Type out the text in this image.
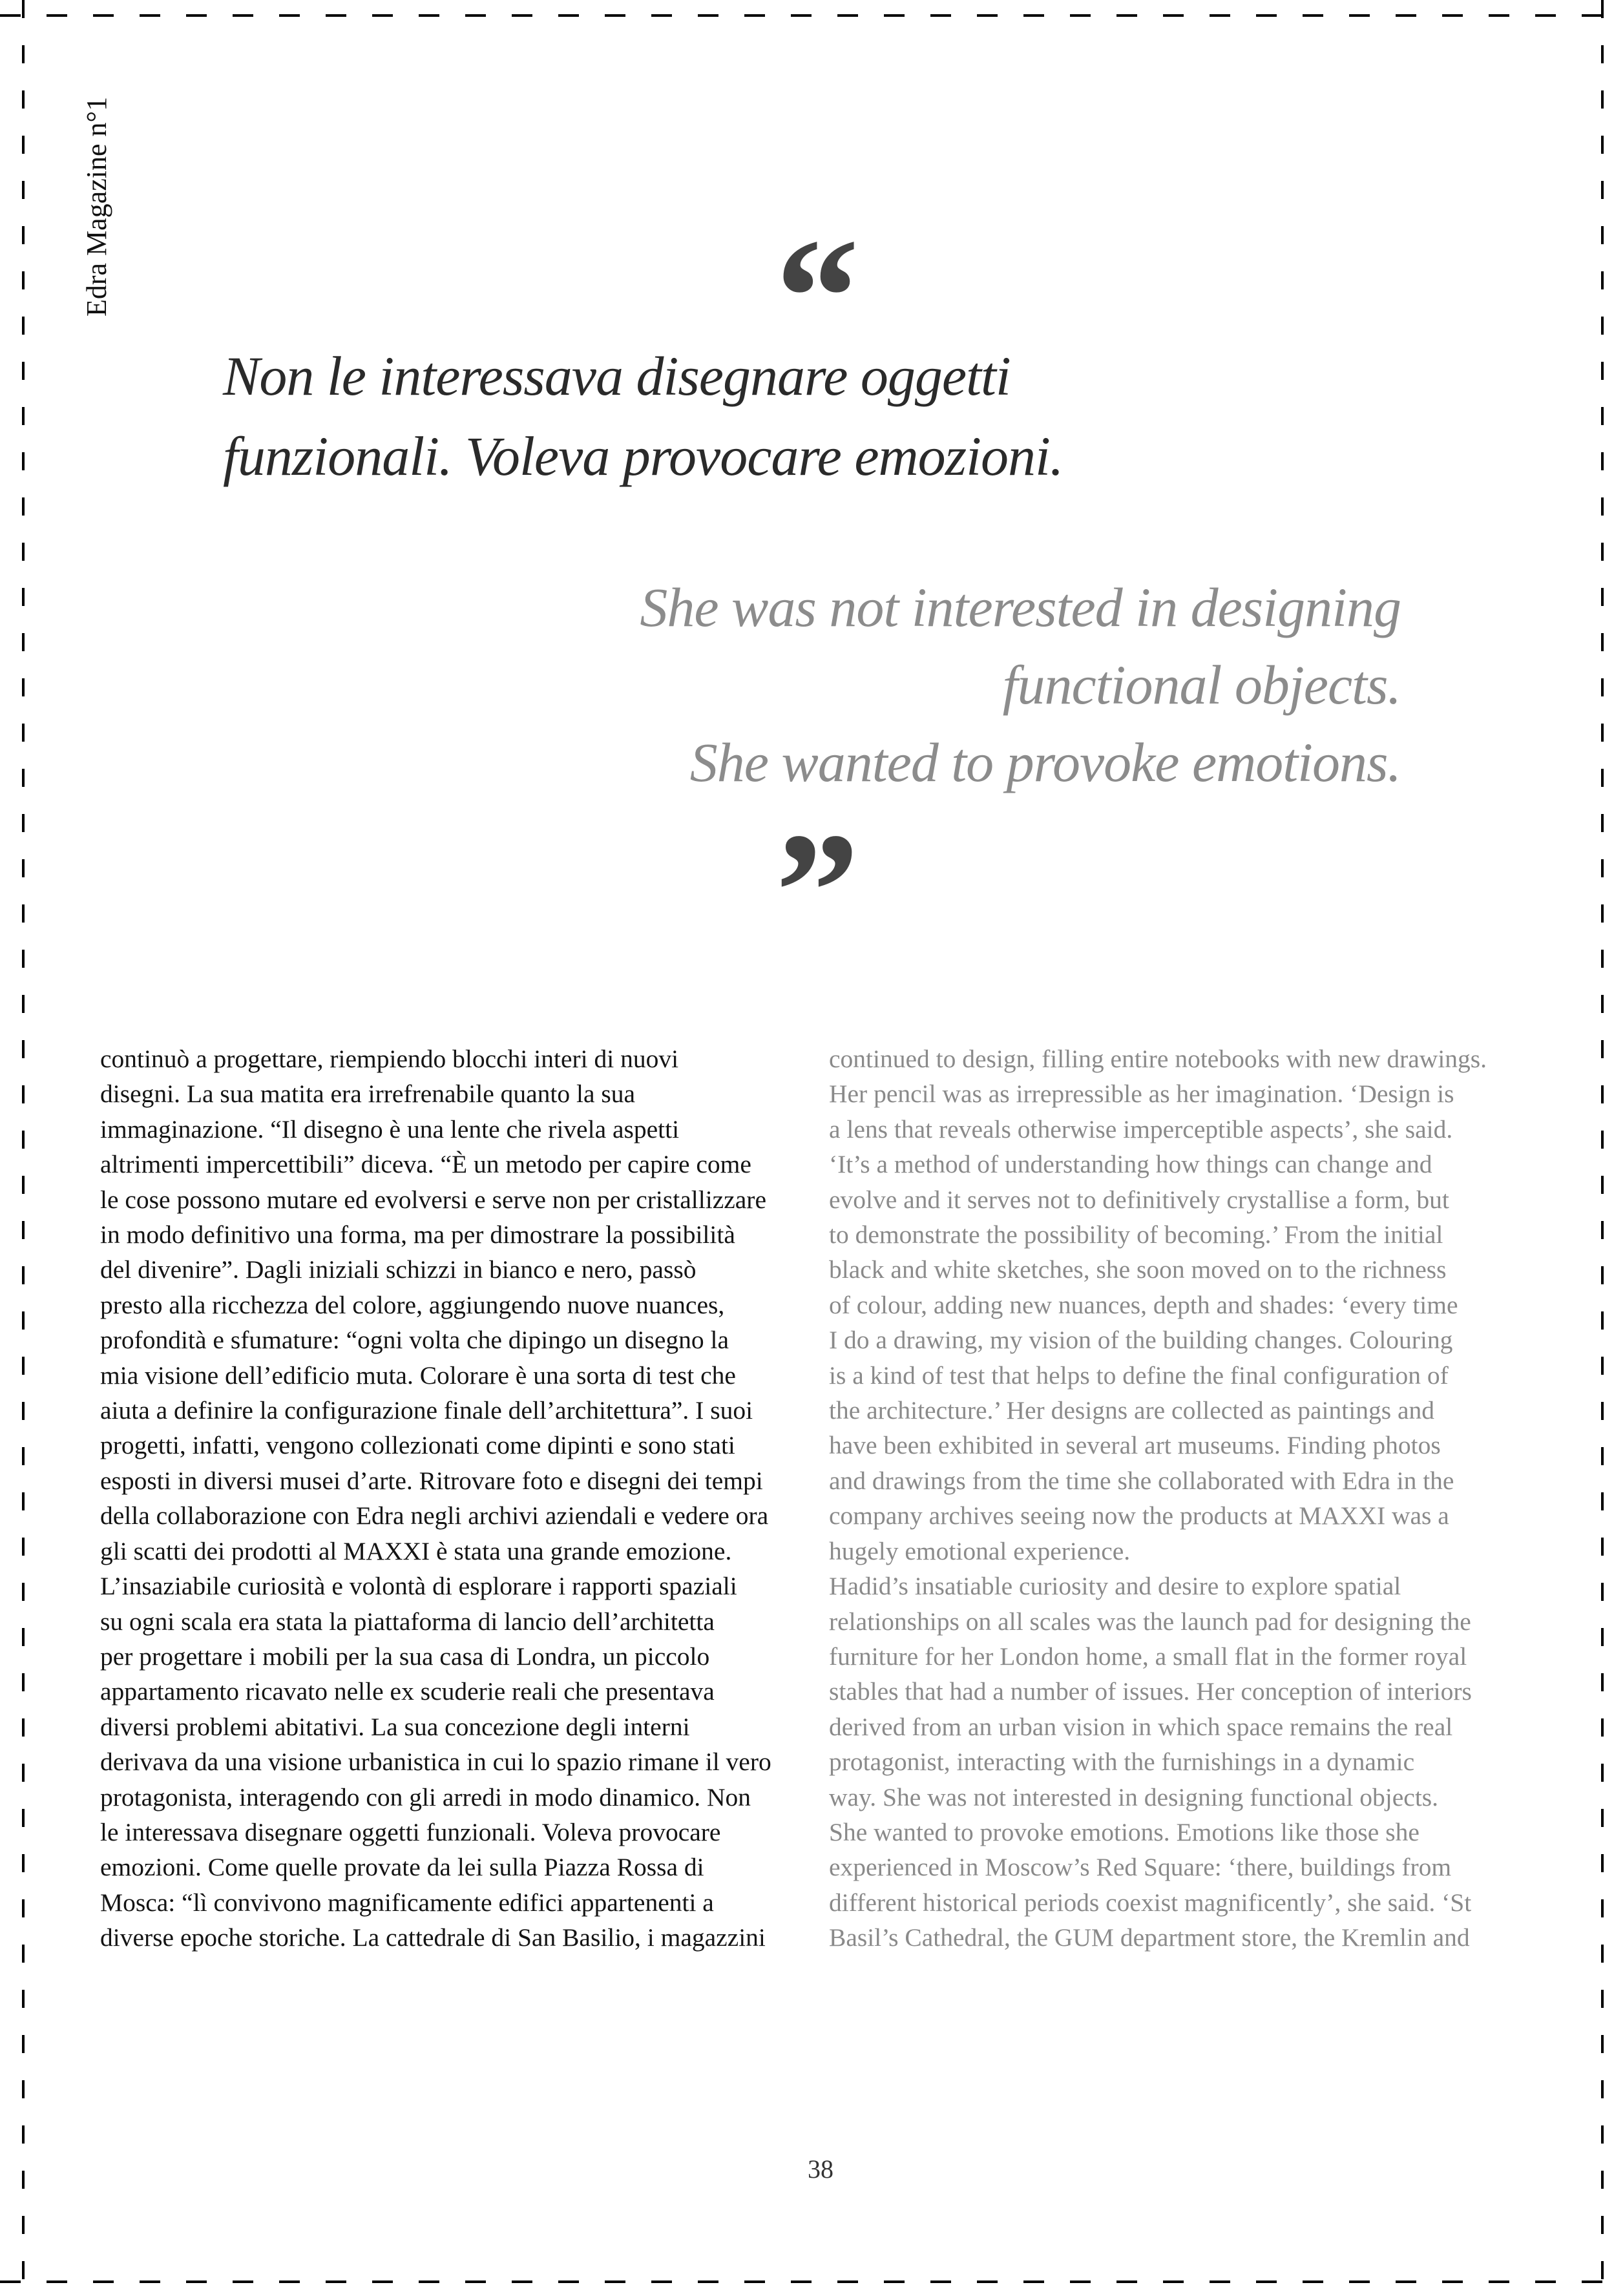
Edra Magazine n°1	“
Non le interessava disegnare oggetti
funzionali. Voleva provocare emozioni.
She was not interested in designing
functional objects.
She wanted to provoke emotions.
”
continuò a progettare, riempiendo blocchi interi di nuovi
disegni. La sua matita era irrefrenabile quanto la sua
immaginazione. “Il disegno è una lente che rivela aspetti
altrimenti impercettibili” diceva. “È un metodo per capire come
le cose possono mutare ed evolversi e serve non per cristallizzare
in modo definitivo una forma, ma per dimostrare la possibilità
del divenire”. Dagli iniziali schizzi in bianco e nero, passò
presto alla ricchezza del colore, aggiungendo nuove nuances,
profondità e sfumature: “ogni volta che dipingo un disegno la
mia visione dell’edificio muta. Colorare è una sorta di test che
aiuta a definire la configurazione finale dell’architettura”. I suoi
progetti, infatti, vengono collezionati come dipinti e sono stati
esposti in diversi musei d’arte. Ritrovare foto e disegni dei tempi
della collaborazione con Edra negli archivi aziendali e vedere ora
gli scatti dei prodotti al MAXXI è stata una grande emozione.
L’insaziabile curiosità e volontà di esplorare i rapporti spaziali
su ogni scala era stata la piattaforma di lancio dell’architetta
per progettare i mobili per la sua casa di Londra, un piccolo
appartamento ricavato nelle ex scuderie reali che presentava
diversi problemi abitativi. La sua concezione degli interni
derivava da una visione urbanistica in cui lo spazio rimane il vero
protagonista, interagendo con gli arredi in modo dinamico. Non
le interessava disegnare oggetti funzionali. Voleva provocare
emozioni. Come quelle provate da lei sulla Piazza Rossa di
Mosca: “lì convivono magnificamente edifici appartenenti a
diverse epoche storiche. La cattedrale di San Basilio, i magazzini
continued to design, filling entire notebooks with new drawings.
Her pencil was as irrepressible as her imagination. ‘Design is
a lens that reveals otherwise imperceptible aspects’, she said.
‘It’s a method of understanding how things can change and
evolve and it serves not to definitively crystallise a form, but
to demonstrate the possibility of becoming.’ From the initial
black and white sketches, she soon moved on to the richness
of colour, adding new nuances, depth and shades: ‘every time
I do a drawing, my vision of the building changes. Colouring
is a kind of test that helps to define the final configuration of
the architecture.’ Her designs are collected as paintings and
have been exhibited in several art museums. Finding photos
and drawings from the time she collaborated with Edra in the
company archives seeing now the products at MAXXI was a
hugely emotional experience.
Hadid’s insatiable curiosity and desire to explore spatial
relationships on all scales was the launch pad for designing the
furniture for her London home, a small flat in the former royal
stables that had a number of issues. Her conception of interiors
derived from an urban vision in which space remains the real
protagonist, interacting with the furnishings in a dynamic
way. She was not interested in designing functional objects.
She wanted to provoke emotions. Emotions like those she
experienced in Moscow’s Red Square: ‘there, buildings from
different historical periods coexist magnificently’, she said. ‘St
Basil’s Cathedral, the GUM department store, the Kremlin and
38
